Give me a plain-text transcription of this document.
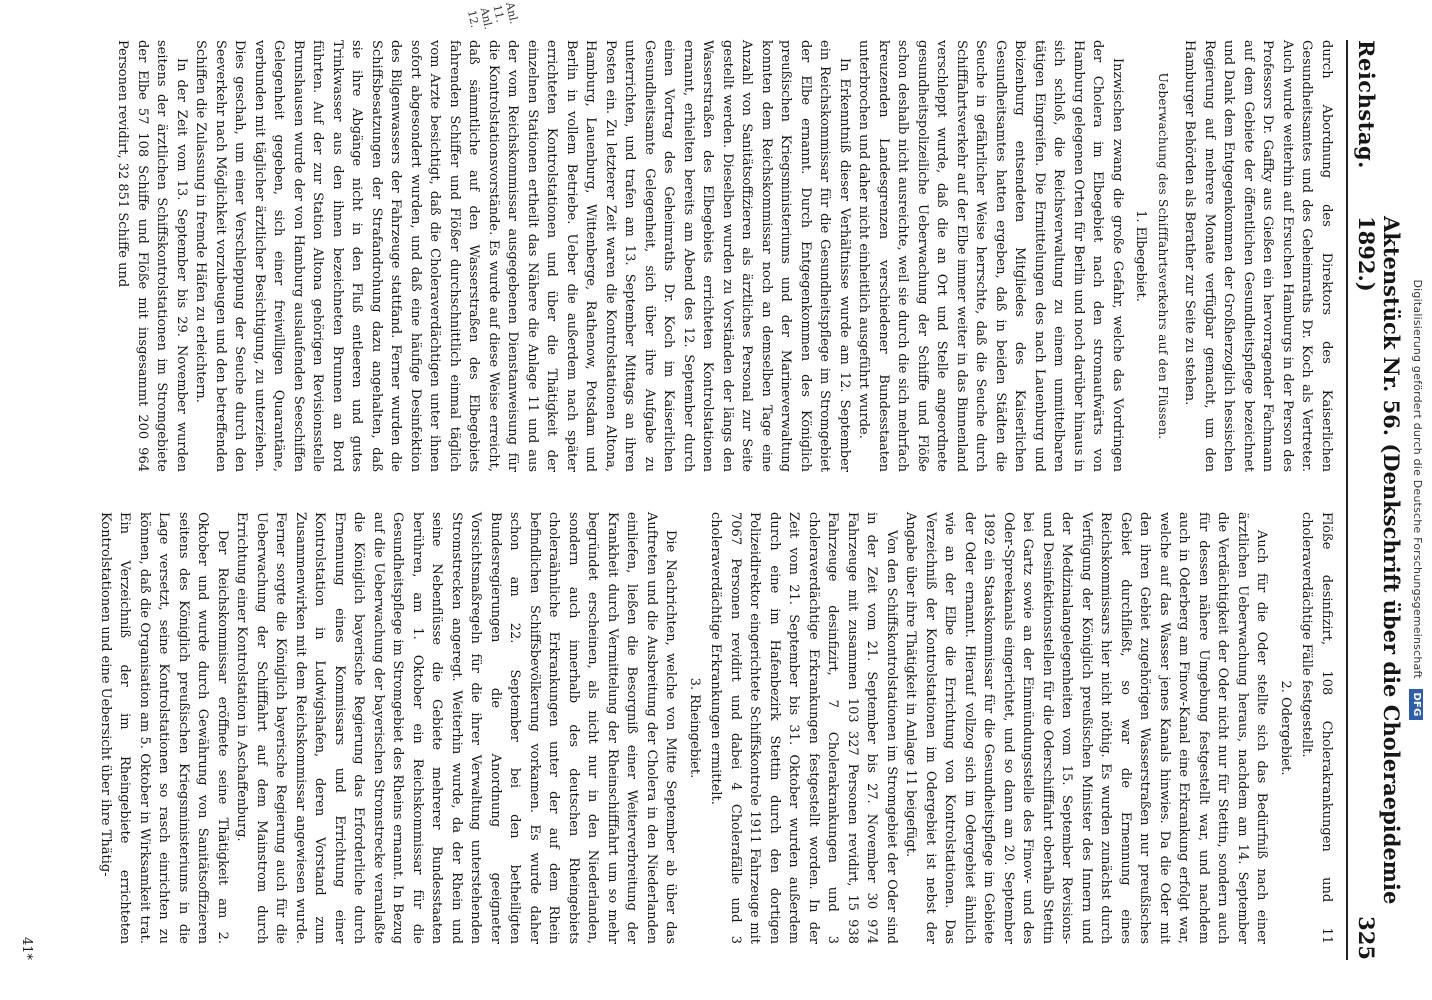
Digitalisierung gefördert durch die Deutsche Forschungsgemeinschaft DFG
Reichstag.
Aktenstück Nr. 56. (Denkschrift über die Choleraepidemie 1892.)
325

durch Abordnung des Direktors des Kaiserlichen Gesundheitsamtes und des Geheimraths Dr. Koch als Vertreter. Auch wurde weiterhin auf Ersuchen Hamburgs in der Person des Professors Dr. Gaffky aus Gießen ein hervorragender Fachmann auf dem Gebiete der öffentlichen Gesundheitspflege bezeichnet und Dank dem Entgegenkommen der Großherzoglich hessischen Regierung auf mehrere Monate verfügbar gemacht, um den Hamburger Behörden als Berather zur Seite zu stehen.

Ueberwachung des Schifffahrtsverkehrs auf den Flüssen.

1. Elbegebiet.

Inzwischen zwang die große Gefahr, welche das Vordringen der Cholera im Elbegebiet nach den stromaufwärts von Hamburg gelegenen Orten für Berlin und noch darüber hinaus in sich schloß, die Reichsverwaltung zu einem unmittelbaren tätigen Eingreifen. Die Ermittelungen des nach Lauenburg und Boizenburg entsendeten Mitgliedes des Kaiserlichen Gesundheitsamtes hatten ergeben, daß in beiden Städten die Seuche in gefährlicher Weise herrschte, daß die Seuche durch Schifffahrtsverkehr auf der Elbe immer weiter in das Binnenland verschleppt wurde, daß die an Ort und Stelle angeordnete gesundheitspolizeiliche Ueberwachung der Schiffe und Flöße schon deshalb nicht ausreichte, weil sie durch die sich mehrfach kreuzenden Landesgrenzen verschiedener Bundesstaaten unterbrochen und daher nicht einheitlich ausgeführt wurde.

In Erkenntniß dieser Verhältnisse wurde am 12. September ein Reichskommissar für die Gesundheitspflege im Stromgebiet der Elbe ernannt. Durch Entgegenkommen des Königlich preußischen Kriegsministeriums und der Marineverwaltung konnten dem Reichskommissar noch an demselben Tage eine Anzahl von Sanitätsoffizieren als ärztliches Personal zur Seite gestellt werden. Dieselben wurden zu Vorständen der längs den Wasserstraßen des Elbegebiets errichteten Kontrolstationen ernannt, erhielten bereits am Abend des 12. September durch einen Vortrag des Geheimraths Dr. Koch im Kaiserlichen Gesundheitsamte Gelegenheit, sich über ihre Aufgabe zu unterrichten, und trafen am 13. September Mittags an ihren Posten ein. Zu letzterer Zeit waren die Kontrolstationen Altona, Hamburg, Lauenburg, Wittenberge, Rathenow, Potsdam und Berlin in vollem Betriebe. Ueber die außerdem nach später errichteten Kontrolstationen und über die Thätigkeit der einzelnen Stationen ertheilt das Nähere die Anlage 11 und aus der vom Reichskommissar ausgegebenen Dienstanweisung für die Kontrolstationsvorstände. Es wurde auf diese Weise erreicht, daß sämmtliche auf den Wasserstraßen des Elbegebiets fahrenden Schiffer und Flößer durchschnittlich einmal täglich vom Arzte besichtigt, daß die Choleraverdächtigen unter ihnen sofort abgesondert wurden, und daß eine häufige Desinfektion des Bilgenwassers der Fahrzeuge stattfand. Ferner wurden die Schiffsbesatzungen der Strafandrohung dazu angehalten, daß sie ihre Abgänge nicht in den Fluß entleeren und gutes Trinkwasser aus den ihnen bezeichneten Brunnen an Bord führten. Auf der zur Station Altona gehörigen Revisionsstelle Brunshausen wurde der von Hamburg auslaufenden Seeschiffen Gelegenheit gegeben, sich einer freiwilligen Quarantäne, verbunden mit täglicher ärztlicher Besichtigung, zu unterziehen. Dies geschah, um einer Verschleppung der Seuche durch den Seeverkehr nach Möglichkeit vorzubeugen und den betreffenden Schiffen die Zulassung in fremde Häfen zu erleichtern.

In der Zeit vom 13. September bis 29. November wurden seitens der ärztlichen Schiffskontrolstationen im Stromgebiete der Elbe 57 108 Schiffe und Flöße mit insgesammt 200 964 Personen revidirt, 32 851 Schiffe und

Flöße desinfizirt, 108 Cholerakrankungen und 11 choleraverdächtige Fälle festgestellt.

2. Odergebiet.

Auch für die Oder stellte sich das Bedürfniß nach einer ärztlichen Ueberwachung heraus, nachdem am 14. September die Verdächtigkeit der Oder nicht nur für Stettin, sondern auch für dessen nähere Umgebung festgestellt war, und nachdem auch in Oderberg am Finow-Kanal eine Erkrankung erfolgt war, welche auf das Wasser jenes Kanals hinwies. Da die Oder mit den ihren Gebiet zugehörigen Wasserstraßen nur preußisches Gebiet durchfließt, so war die Ernennung eines Reichskommissars hier nicht nöthig. Es wurden zunächst durch Verfügung der Königlich preußischen Minister des Innern und der Medizinalangelegenheiten vom 15. September Revisions- und Desinfektionsstellen für die Oderschifffahrt oberhalb Stettin bei Gartz sowie an der Einmündungsstelle des Finow- und des Oder-Spreekanals eingerichtet, und so dann am 20. September 1892 ein Staatskommissar für die Gesundheitspflege im Gebiete der Oder ernannt. Hierauf vollzog sich im Odergebiet ähnlich wie an der Elbe die Errichtung von Kontrolstationen. Das Verzeichniß der Kontrolstationen im Odergebiet ist nebst der Angabe über ihre Thätigkeit in Anlage 11 beigefügt.

Von den Schiffskontrolstationen im Stromgebiet der Oder sind in der Zeit vom 21. September bis 27. November 30 974 Fahrzeuge mit zusammen 103 327 Personen revidirt, 15 938 Fahrzeuge desinfizirt, 7 Cholerakrankungen und 3 choleraverdächtige Erkrankungen festgestellt worden. In der Zeit vom 21. September bis 31. Oktober wurden außerdem durch eine im Hafenbezirk Stettin durch den dortigen Polizeidirektor eingerichtete Schiffskontrole 1911 Fahrzeuge mit 7067 Personen revidirt und dabei 4 Cholerafälle und 3 choleraverdächtige Erkrankungen ermittelt.

3. Rheingebiet.

Die Nachrichten, welche von Mitte September ab über das Auftreten und die Ausbreitung der Cholera in den Niederlanden einliefen, ließen die Besorgniß einer Weiterverbreitung der Krankheit durch Vermittelung der Rheinschifffahrt um so mehr begründet erscheinen, als nicht nur in den Niederlanden, sondern auch innerhalb des deutschen Rheingebiets choleraähnliche Erkrankungen unter der auf dem Rhein befindlichen Schiffsbevölkerung vorkamen. Es wurde daher schon am 22. September bei den betheiligten Bundesregierungen die Anordnung geeigneter Vorsichtsmaßregeln für die ihrer Verwaltung unterstehenden Stromstrecken angeregt. Weiterhin wurde, da der Rhein und seine Nebenflüsse die Gebiete mehrerer Bundesstaaten berühren, am 1. Oktober ein Reichskommissar für die Gesundheitspflege im Stromgebiet des Rheins ernannt. In Bezug auf die Ueberwachung der bayerischen Stromstrecke veranlaßte die Königlich bayerische Regierung das Erforderliche durch Ernennung eines Kommissars und Errichtung einer Kontrolstation in Ludwigshafen, deren Vorstand zum Zusammenwirken mit dem Reichskommissar angewiesen wurde. Ferner sorgte die Königlich bayerische Regierung auch für die Ueberwachung der Schifffahrt auf dem Mainstrom durch Errichtung einer Kontrolstation in Aschaffenburg.

Der Reichskommissar eröffnete seine Thätigkeit am 2. Oktober und wurde durch Gewährung von Sanitätsoffizieren seitens des Königlich preußischen Kriegsministeriums in die Lage versetzt, seine Kontrolstationen so rasch einrichten zu können, daß die Organisation am 5. Oktober in Wirksamkeit trat. Ein Verzeichniß der im Rheingebiete errichteten Kontrolstationen und eine Uebersicht über ihre Thätig-

41*
Anl. 11. Anl. 12.
